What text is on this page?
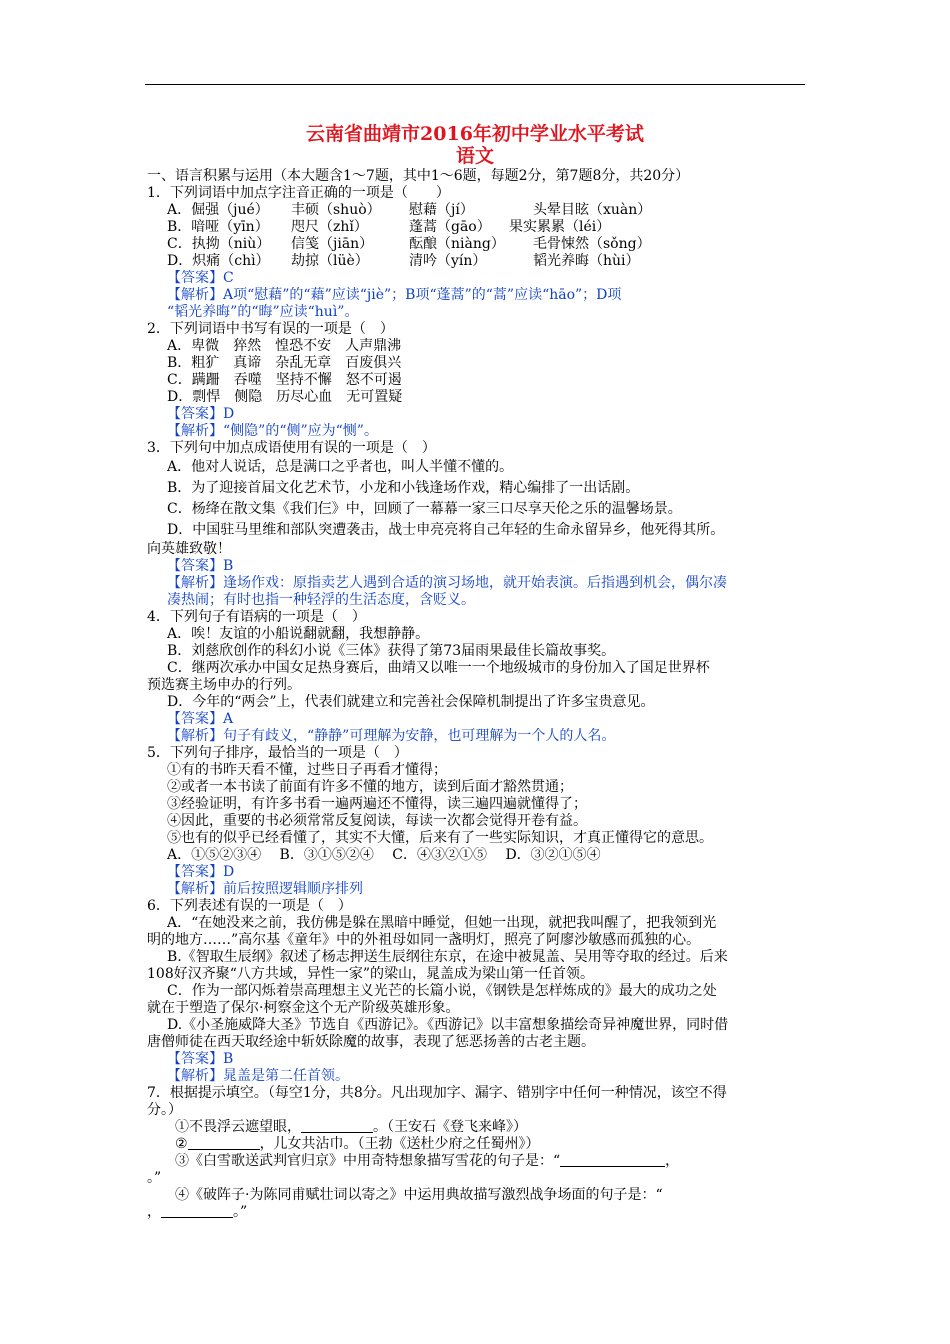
云南省曲靖市2016年初中学业水平考试
语文
一、语言积累与运用（本大题含1～7题，其中1～6题，每题2分，第7题8分，共20分）
1．下列词语中加点字注音正确的一项是（　　）
A．倔强（jué） 丰硕（shuò） 慰藉（jí）	头晕目眩（xuàn）
B．喑哑（yīn） 咫尺（zhǐ）	蓬蒿（gāo） 果实累累（léi）
C．执拗（niù） 信笺（jiān）	酝酿（niàng） 毛骨悚然（sǒng）
D．炽痛（chì） 劫掠（lüè）	清吟（yín）	韬光养晦（hùi）
【答案】C
【解析】A项“慰藉”的“藉”应读“jiè”；B项“蓬蒿”的“蒿”应读“hāo”；D项
“韬光养晦”的“晦”应读“huì”。
2．下列词语中书写有误的一项是（　）
A．卑微　猝然　惶恐不安　人声鼎沸
B．粗犷　真谛　杂乱无章　百废俱兴
C．蹒跚　吞噬　坚持不懈　怒不可遏
D．剽悍　侧隐　历尽心血　无可置疑
【答案】D
【解析】“侧隐”的“侧”应为“恻”。
3．下列句中加点成语使用有误的一项是（　）
A．他对人说话，总是满口之乎者也，叫人半懂不懂的。
B．为了迎接首届文化艺术节，小龙和小钱逢场作戏，精心编排了一出话剧。
C．杨绛在散文集《我们仨》中，回顾了一幕幕一家三口尽享天伦之乐的温馨场景。
D．中国驻马里维和部队突遭袭击，战士申亮亮将自己年轻的生命永留异乡，他死得其所。
向英雄致敬！
【答案】B
【解析】逢场作戏：原指卖艺人遇到合适的演习场地，就开始表演。后指遇到机会，偶尔凑
凑热闹；有时也指一种轻浮的生活态度，含贬义。
4．下列句子有语病的一项是（　）
A．唉！友谊的小船说翻就翻，我想静静。
B．刘慈欣创作的科幻小说《三体》获得了第73届雨果最佳长篇故事奖。
C．继两次承办中国女足热身赛后，曲靖又以唯一一个地级城市的身份加入了国足世界杯
预选赛主场申办的行列。
D．今年的“两会”上，代表们就建立和完善社会保障机制提出了许多宝贵意见。
【答案】A
【解析】句子有歧义，“静静”可理解为安静，也可理解为一个人的人名。
5．下列句子排序，最恰当的一项是（　）
①有的书昨天看不懂，过些日子再看才懂得；
②或者一本书读了前面有许多不懂的地方，读到后面才豁然贯通；
③经验证明，有许多书看一遍两遍还不懂得，读三遍四遍就懂得了；
④因此，重要的书必须常常反复阅读，每读一次都会觉得开卷有益。
⑤也有的似乎已经看懂了，其实不大懂，后来有了一些实际知识，才真正懂得它的意思。
A．①⑤②③④　 B．③①⑤②④　 C．④③②①⑤　 D．③②①⑤④
【答案】D
【解析】前后按照逻辑顺序排列
6．下列表述有误的一项是（　）
A．“在她没来之前，我仿佛是躲在黑暗中睡觉，但她一出现，就把我叫醒了，把我领到光
明的地方……”高尔基《童年》中的外祖母如同一盏明灯，照亮了阿廖沙敏感而孤独的心。
B.《智取生辰纲》叙述了杨志押送生辰纲往东京，在途中被晁盖、吴用等夺取的经过。后来
108好汉齐聚“八方共域，异性一家”的梁山，晁盖成为梁山第一任首领。
C．作为一部闪烁着崇高理想主义光芒的长篇小说，《钢铁是怎样炼成的》最大的成功之处
就在于塑造了保尔·柯察金这个无产阶级英雄形象。
D.《小圣施威降大圣》节选自《西游记》。《西游记》以丰富想象描绘奇异神魔世界，同时借
唐僧师徒在西天取经途中斩妖除魔的故事，表现了惩恶扬善的古老主题。
【答案】B
【解析】晁盖是第二任首领。
7．根据提示填空。（每空1分，共8分。凡出现加字、漏字、错别字中任何一种情况，该空不得
分。）
①不畏浮云遮望眼，	。（王安石《登飞来峰》）
②	，儿女共沾巾。（王勃《送杜少府之任蜀州》）
③《白雪歌送武判官归京》中用奇特想象描写雪花的句子是：“	，
。”
④《破阵子·为陈同甫赋壮词以寄之》中运用典故描写激烈战争场面的句子是：“
，	。”
